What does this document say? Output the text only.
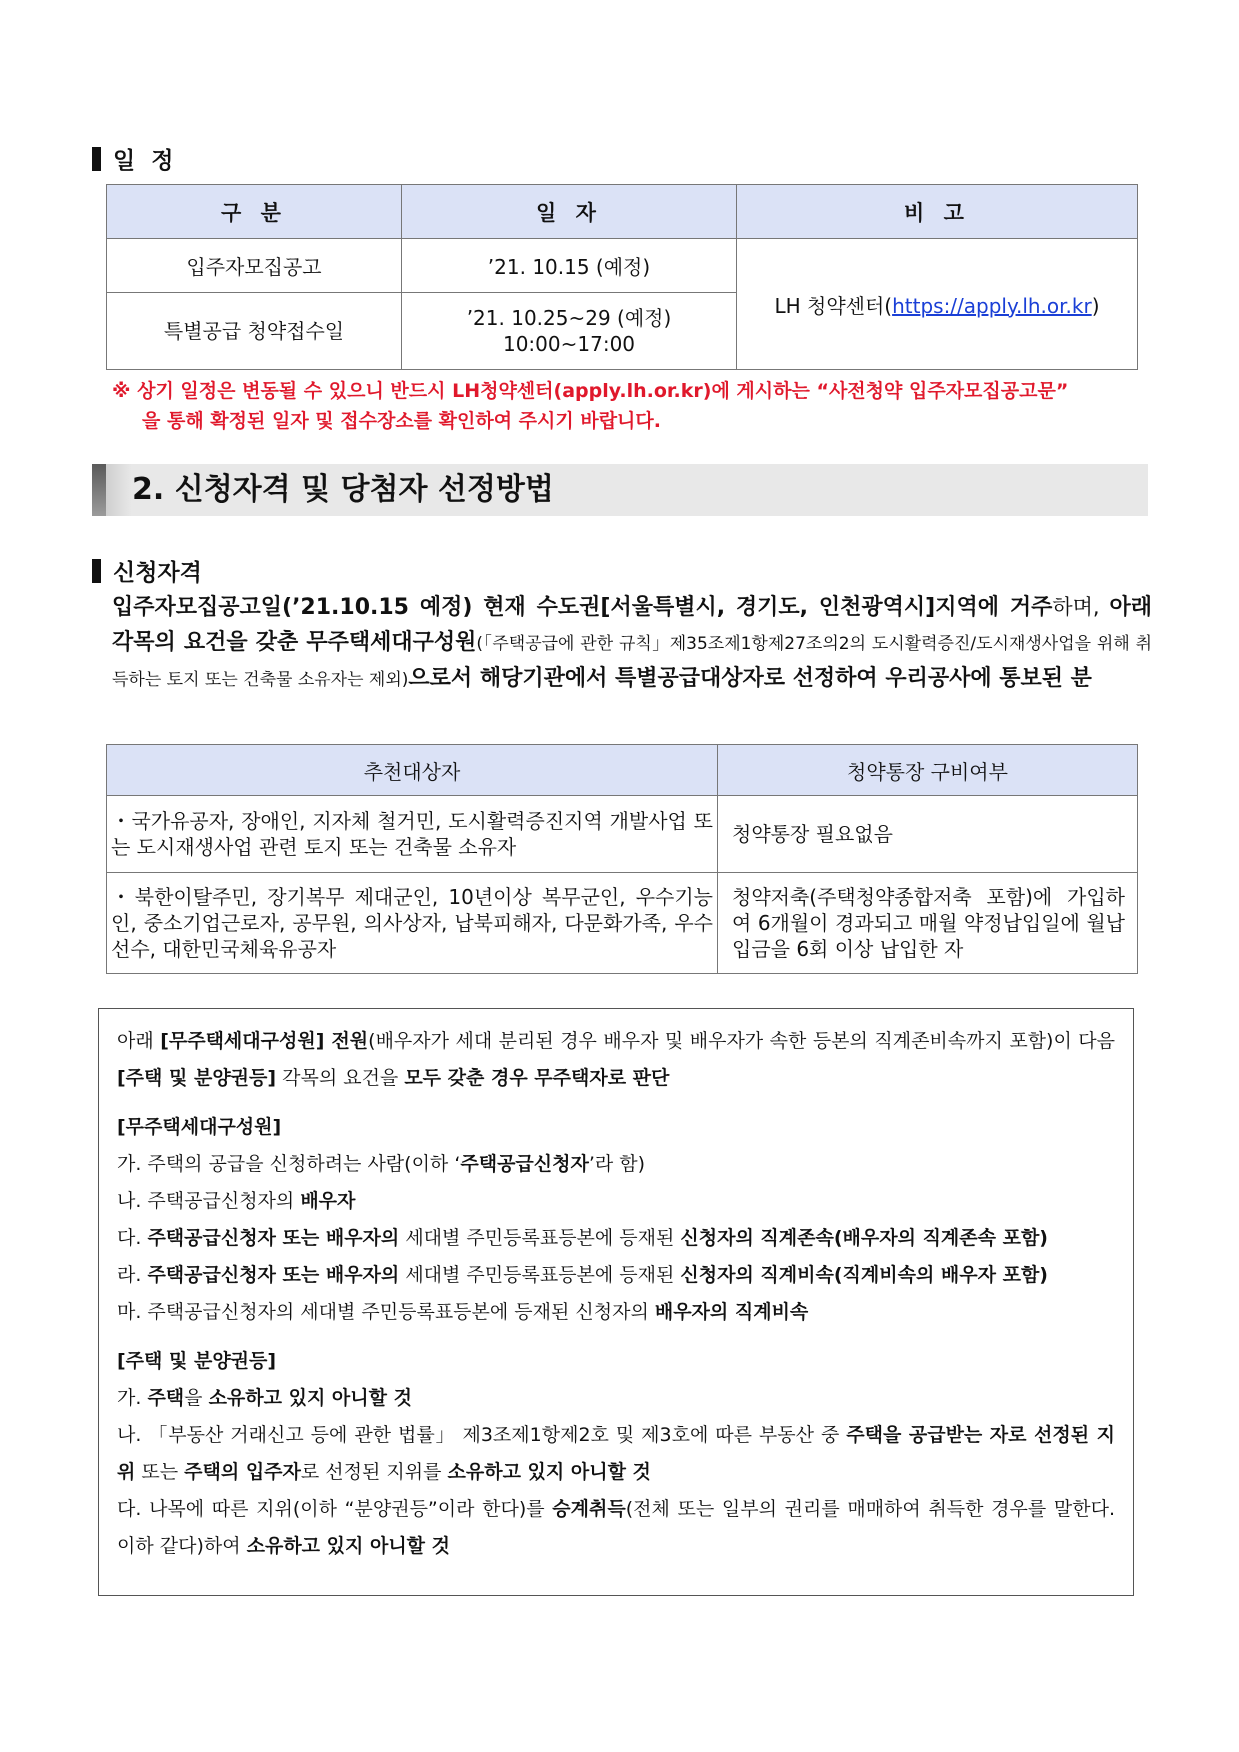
일 정
구 분	일 자	비 고
입주자모집공고	’21. 10.15 (예정)	LH 청약센터(https://apply.lh.or.kr)
특별공급 청약접수일	’21. 10.25~29 (예정)
10:00~17:00	
※ 상기 일정은 변동될 수 있으니 반드시 LH청약센터(apply.lh.or.kr)에 게시하는 “사전청약 입주자모집공고문”
을 통해 확정된 일자 및 접수장소를 확인하여 주시기 바랍니다.
2. 신청자격 및 당첨자 선정방법
신청자격
입주자모집공고일(’21.10.15 예정) 현재 수도권[서울특별시, 경기도, 인천광역시]지역에 거주하며, 아래 각목의 요건을 갖춘 무주택세대구성원(「주택공급에 관한 규칙」제35조제1항제27조의2의 도시활력증진/도시재생사업을 위해 취득하는 토지 또는 건축물 소유자는 제외)으로서 해당기관에서 특별공급대상자로 선정하여 우리공사에 통보된 분
추천대상자	청약통장 구비여부
・국가유공자, 장애인, 지자체 철거민, 도시활력증진지역 개발사업 또는 도시재생사업 관련 토지 또는 건축물 소유자	청약통장 필요없음
・북한이탈주민, 장기복무 제대군인, 10년이상 복무군인, 우수기능인, 중소기업근로자, 공무원, 의사상자, 납북피해자, 다문화가족, 우수선수, 대한민국체육유공자	청약저축(주택청약종합저축 포함)에 가입하여 6개월이 경과되고 매월 약정납입일에 월납입금을 6회 이상 납입한 자
아래 [무주택세대구성원] 전원(배우자가 세대 분리된 경우 배우자 및 배우자가 속한 등본의 직계존비속까지 포함)이 다음 [주택 및 분양권등] 각목의 요건을 모두 갖춘 경우 무주택자로 판단
[무주택세대구성원]
가. 주택의 공급을 신청하려는 사람(이하 ‘주택공급신청자’라 함)
나. 주택공급신청자의 배우자
다. 주택공급신청자 또는 배우자의 세대별 주민등록표등본에 등재된 신청자의 직계존속(배우자의 직계존속 포함)
라. 주택공급신청자 또는 배우자의 세대별 주민등록표등본에 등재된 신청자의 직계비속(직계비속의 배우자 포함)
마. 주택공급신청자의 세대별 주민등록표등본에 등재된 신청자의 배우자의 직계비속
[주택 및 분양권등]
가. 주택을 소유하고 있지 아니할 것
나. 「부동산 거래신고 등에 관한 법률」 제3조제1항제2호 및 제3호에 따른 부동산 중 주택을 공급받는 자로 선정된 지위 또는 주택의 입주자로 선정된 지위를 소유하고 있지 아니할 것
다. 나목에 따른 지위(이하 “분양권등”이라 한다)를 승계취득(전체 또는 일부의 권리를 매매하여 취득한 경우를 말한다. 이하 같다)하여 소유하고 있지 아니할 것
